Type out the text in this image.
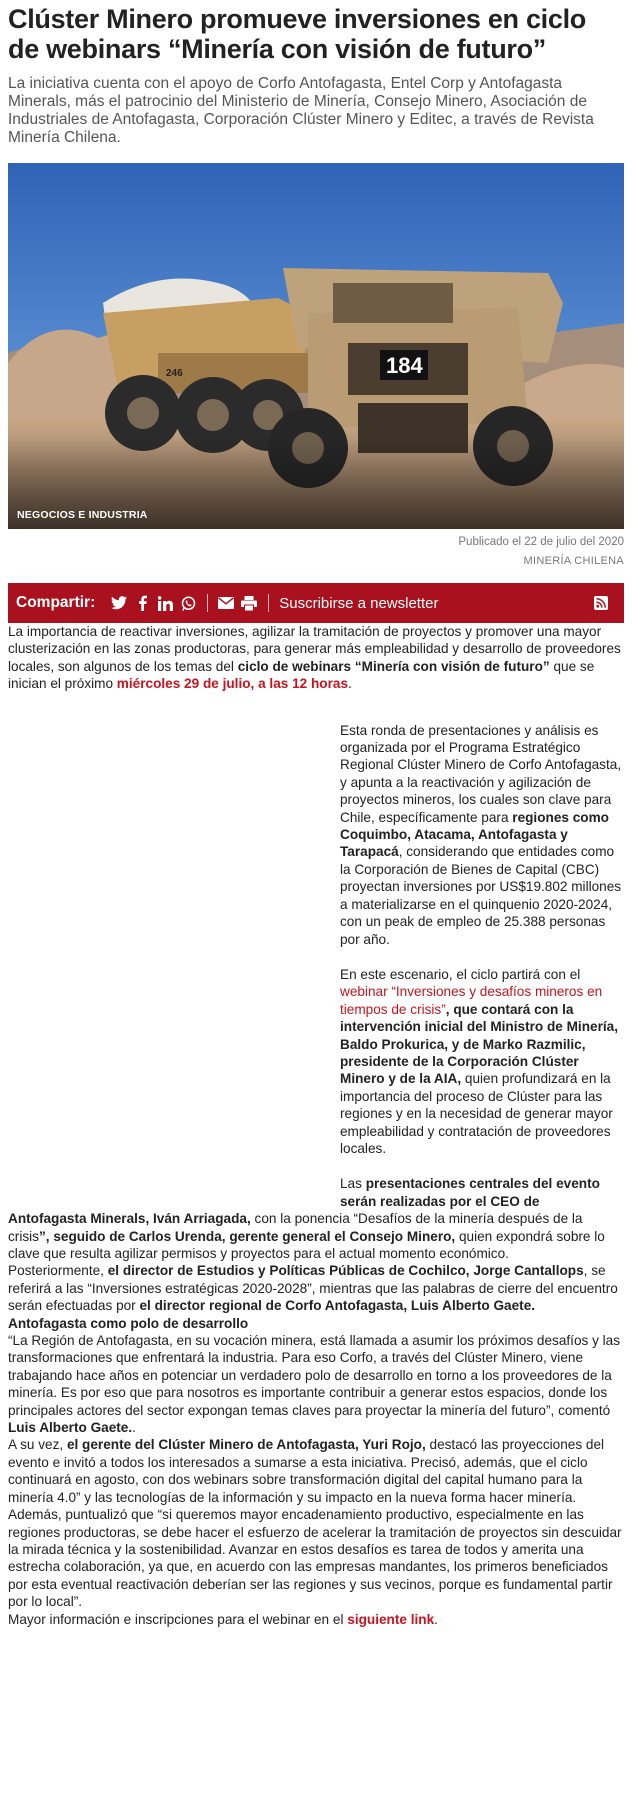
Clúster Minero promueve inversiones en ciclo de webinars “Minería con visión de futuro”

La iniciativa cuenta con el apoyo de Corfo Antofagasta, Entel Corp y Antofagasta Minerals, más el patrocinio del Ministerio de Minería, Consejo Minero, Asociación de Industriales de Antofagasta, Corporación Clúster Minero y Editec, a través de Revista Minería Chilena.

NEGOCIOS E INDUSTRIA
Publicado el 22 de julio del 2020
MINERÍA CHILENA
Compartir:	Suscribirse a newsletter

La importancia de reactivar inversiones, agilizar la tramitación de proyectos y promover una mayor clusterización en las zonas productoras, para generar más empleabilidad y desarrollo de proveedores locales, son algunos de los temas del ciclo de webinars “Minería con visión de futuro” que se inician el próximo miércoles 29 de julio, a las 12 horas.

Esta ronda de presentaciones y análisis es organizada por el Programa Estratégico Regional Clúster Minero de Corfo Antofagasta, y apunta a la reactivación y agilización de proyectos mineros, los cuales son clave para Chile, específicamente para regiones como Coquimbo, Atacama, Antofagasta y Tarapacá, considerando que entidades como la Corporación de Bienes de Capital (CBC) proyectan inversiones por US$19.802 millones a materializarse en el quinquenio 2020-2024, con un peak de empleo de 25.388 personas por año.

En este escenario, el ciclo partirá con el webinar “Inversiones y desafíos mineros en tiempos de crisis”, que contará con la intervención inicial del Ministro de Minería, Baldo Prokurica, y de Marko Razmilic, presidente de la Corporación Clúster Minero y de la AIA, quien profundizará en la importancia del proceso de Clúster para las regiones y en la necesidad de generar mayor empleabilidad y contratación de proveedores locales.

Las presentaciones centrales del evento serán realizadas por el CEO de

Antofagasta Minerals, Iván Arriagada, con la ponencia “Desafíos de la minería después de la crisis”, seguido de Carlos Urenda, gerente general el Consejo Minero, quien expondrá sobre lo clave que resulta agilizar permisos y proyectos para el actual momento económico.

Posteriormente, el director de Estudios y Políticas Públicas de Cochilco, Jorge Cantallops, se referirá a las “Inversiones estratégicas 2020-2028”, mientras que las palabras de cierre del encuentro serán efectuadas por el director regional de Corfo Antofagasta, Luis Alberto Gaete.

Antofagasta como polo de desarrollo

“La Región de Antofagasta, en su vocación minera, está llamada a asumir los próximos desafíos y las transformaciones que enfrentará la industria. Para eso Corfo, a través del Clúster Minero, viene trabajando hace años en potenciar un verdadero polo de desarrollo en torno a los proveedores de la minería. Es por eso que para nosotros es importante contribuir a generar estos espacios, donde los principales actores del sector expongan temas claves para proyectar la minería del futuro”, comentó Luis Alberto Gaete..

A su vez, el gerente del Clúster Minero de Antofagasta, Yuri Rojo, destacó las proyecciones del evento e invitó a todos los interesados a sumarse a esta iniciativa. Precisó, además, que el ciclo continuará en agosto, con dos webinars sobre transformación digital del capital humano para la minería 4.0” y las tecnologías de la información y su impacto en la nueva forma hacer minería.

Además, puntualizó que “si queremos mayor encadenamiento productivo, especialmente en las regiones productoras, se debe hacer el esfuerzo de acelerar la tramitación de proyectos sin descuidar la mirada técnica y la sostenibilidad. Avanzar en estos desafíos es tarea de todos y amerita una estrecha colaboración, ya que, en acuerdo con las empresas mandantes, los primeros beneficiados por esta eventual reactivación deberían ser las regiones y sus vecinos, porque es fundamental partir por lo local”.

Mayor información e inscripciones para el webinar en el siguiente link.
